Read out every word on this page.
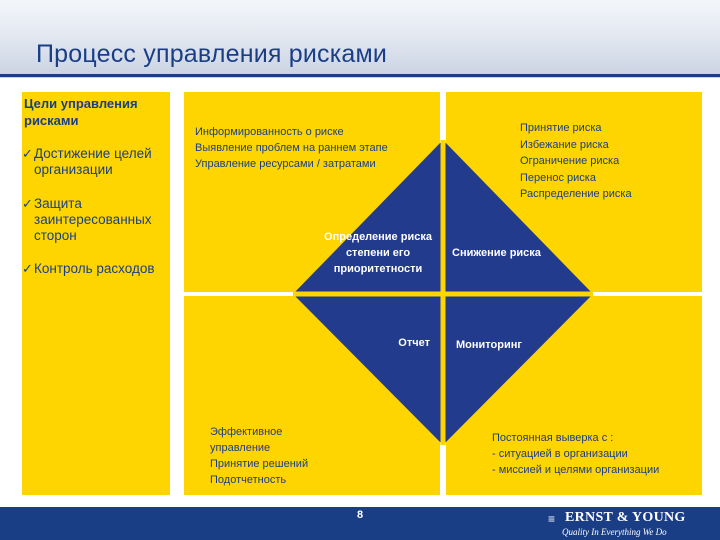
Процесс управления рисками
Цели управления рисками
✓ Достижение целей организации
✓ Защита заинтересованных сторон
✓ Контроль расходов
Информированность о риске
Выявление проблем на раннем этапе
Управление ресурсами / затратами
Принятие риска
Избежание риска
Ограничение риска
Перенос риска
Распределение риска
Эффективное
управление
Принятие решений
Подотчетность
Постоянная выверка с :
- ситуацией в организации
- миссией и целями организации
Определение риска
степени его
приоритетности
Снижение риска
Отчет Мониторинг
8	≡ ERNST & YOUNG
Quality In Everything We Do
